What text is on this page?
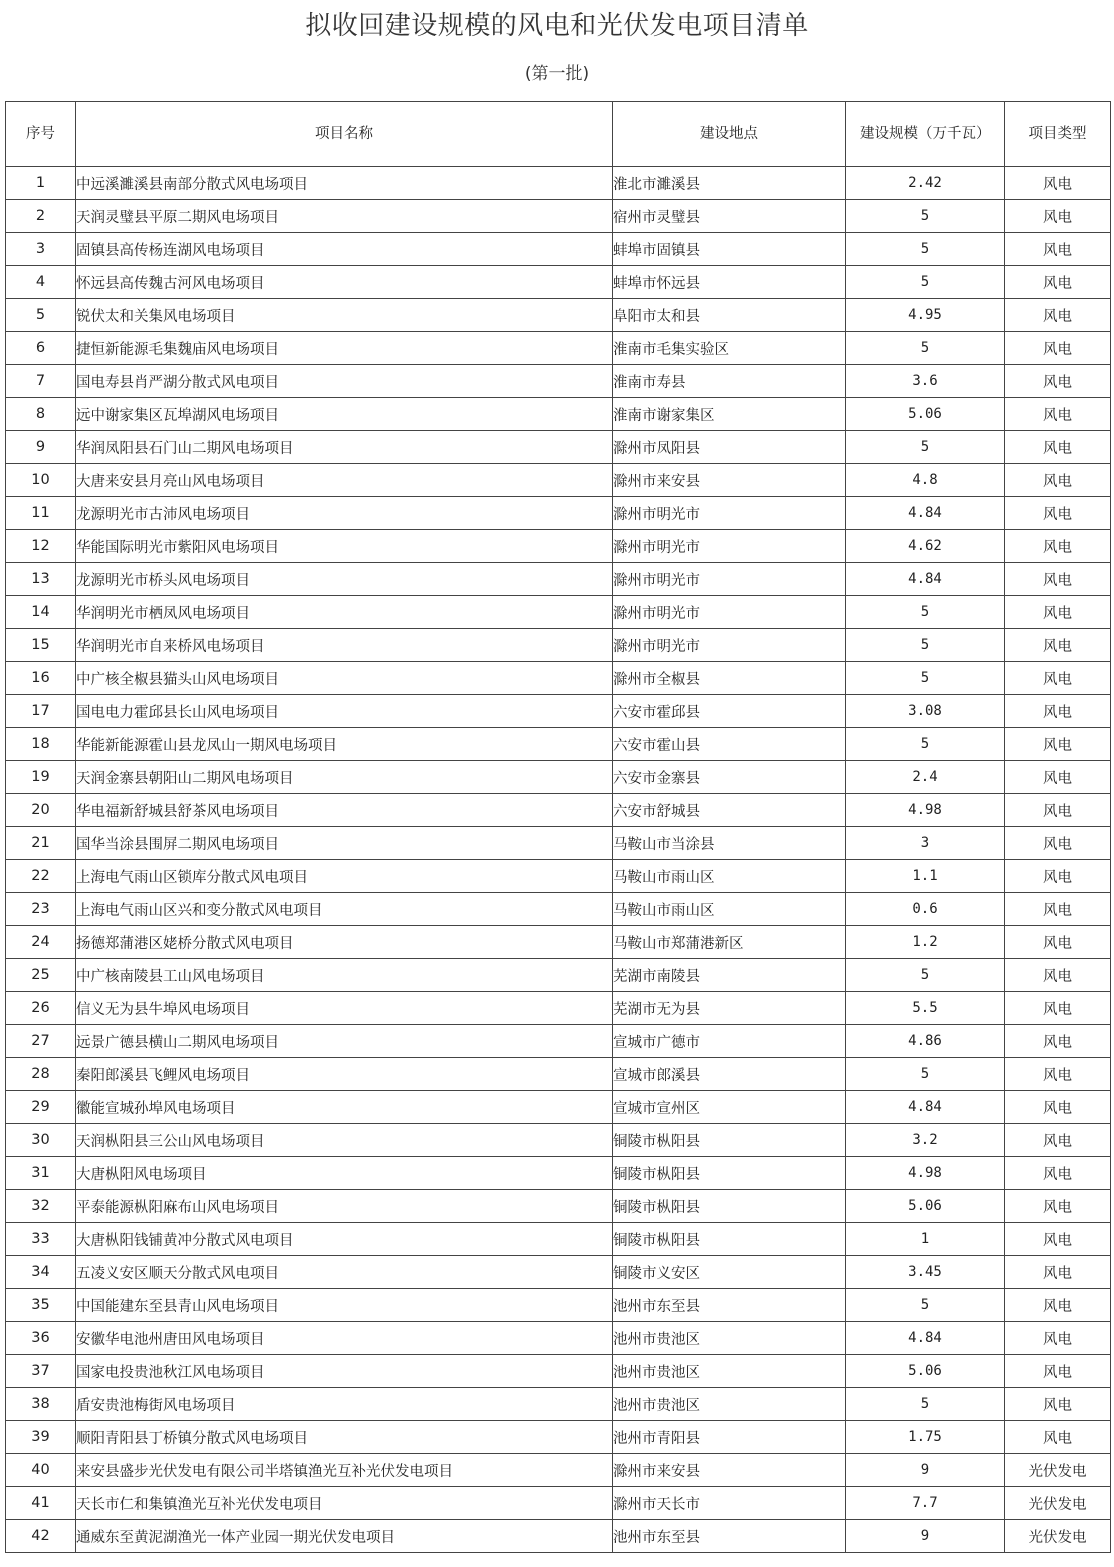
拟收回建设规模的风电和光伏发电项目清单
(第一批)
序号	项目名称	建设地点	建设规模（万千瓦）	项目类型
1	中远溪濉溪县南部分散式风电场项目	淮北市濉溪县	2.42	风电
2	天润灵璧县平原二期风电场项目	宿州市灵璧县	5	风电
3	固镇县高传杨连湖风电场项目	蚌埠市固镇县	5	风电
4	怀远县高传魏古河风电场项目	蚌埠市怀远县	5	风电
5	锐伏太和关集风电场项目	阜阳市太和县	4.95	风电
6	捷恒新能源毛集魏庙风电场项目	淮南市毛集实验区	5	风电
7	国电寿县肖严湖分散式风电项目	淮南市寿县	3.6	风电
8	远中谢家集区瓦埠湖风电场项目	淮南市谢家集区	5.06	风电
9	华润凤阳县石门山二期风电场项目	滁州市凤阳县	5	风电
10	大唐来安县月亮山风电场项目	滁州市来安县	4.8	风电
11	龙源明光市古沛风电场项目	滁州市明光市	4.84	风电
12	华能国际明光市紫阳风电场项目	滁州市明光市	4.62	风电
13	龙源明光市桥头风电场项目	滁州市明光市	4.84	风电
14	华润明光市栖凤风电场项目	滁州市明光市	5	风电
15	华润明光市自来桥风电场项目	滁州市明光市	5	风电
16	中广核全椒县猫头山风电场项目	滁州市全椒县	5	风电
17	国电电力霍邱县长山风电场项目	六安市霍邱县	3.08	风电
18	华能新能源霍山县龙凤山一期风电场项目	六安市霍山县	5	风电
19	天润金寨县朝阳山二期风电场项目	六安市金寨县	2.4	风电
20	华电福新舒城县舒茶风电场项目	六安市舒城县	4.98	风电
21	国华当涂县围屏二期风电场项目	马鞍山市当涂县	3	风电
22	上海电气雨山区锁库分散式风电项目	马鞍山市雨山区	1.1	风电
23	上海电气雨山区兴和变分散式风电项目	马鞍山市雨山区	0.6	风电
24	扬德郑蒲港区姥桥分散式风电项目	马鞍山市郑蒲港新区	1.2	风电
25	中广核南陵县工山风电场项目	芜湖市南陵县	5	风电
26	信义无为县牛埠风电场项目	芜湖市无为县	5.5	风电
27	远景广德县横山二期风电场项目	宣城市广德市	4.86	风电
28	秦阳郎溪县飞鲤风电场项目	宣城市郎溪县	5	风电
29	徽能宣城孙埠风电场项目	宣城市宣州区	4.84	风电
30	天润枞阳县三公山风电场项目	铜陵市枞阳县	3.2	风电
31	大唐枞阳风电场项目	铜陵市枞阳县	4.98	风电
32	平泰能源枞阳麻布山风电场项目	铜陵市枞阳县	5.06	风电
33	大唐枞阳钱铺黄冲分散式风电项目	铜陵市枞阳县	1	风电
34	五凌义安区顺天分散式风电项目	铜陵市义安区	3.45	风电
35	中国能建东至县青山风电场项目	池州市东至县	5	风电
36	安徽华电池州唐田风电场项目	池州市贵池区	4.84	风电
37	国家电投贵池秋江风电场项目	池州市贵池区	5.06	风电
38	盾安贵池梅街风电场项目	池州市贵池区	5	风电
39	顺阳青阳县丁桥镇分散式风电场项目	池州市青阳县	1.75	风电
40	来安县盛步光伏发电有限公司半塔镇渔光互补光伏发电项目	滁州市来安县	9	光伏发电
41	天长市仁和集镇渔光互补光伏发电项目	滁州市天长市	7.7	光伏发电
42	通威东至黄泥湖渔光一体产业园一期光伏发电项目	池州市东至县	9	光伏发电
